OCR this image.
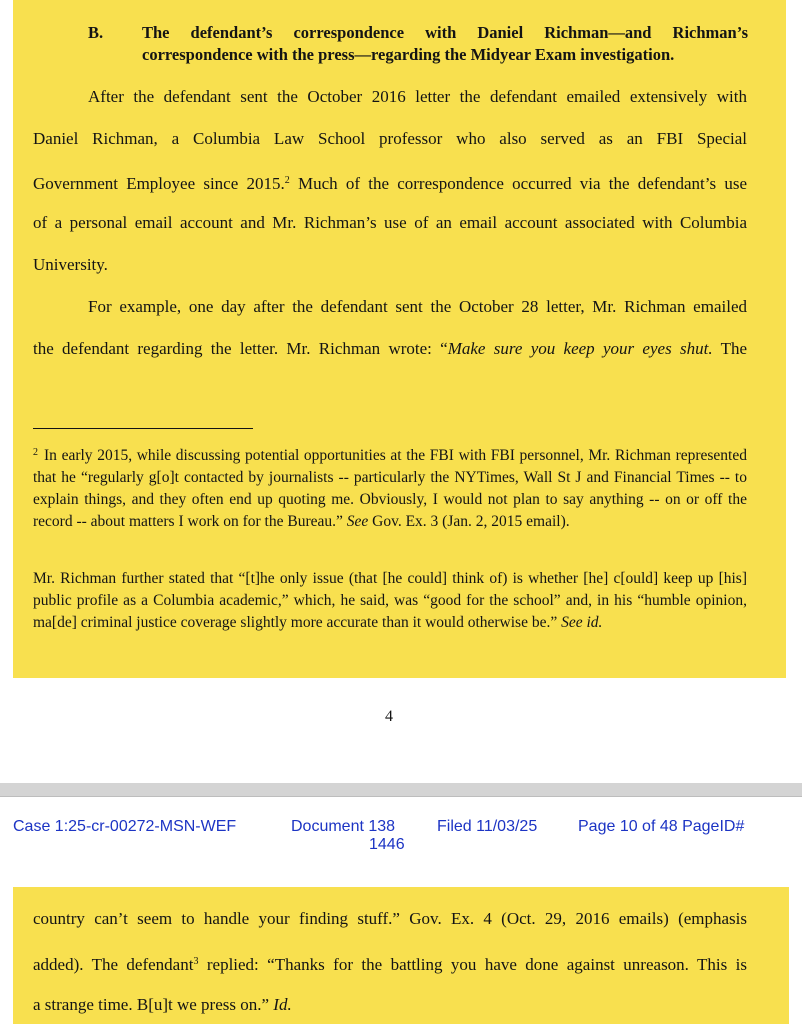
B. The defendant’s correspondence with Daniel Richman—and Richman’s correspondence with the press—regarding the Midyear Exam investigation.
After the defendant sent the October 2016 letter the defendant emailed extensively with
Daniel Richman, a Columbia Law School professor who also served as an FBI Special
Government Employee since 2015.$^2$ Much of the correspondence occurred via the defendant’s use
of a personal email account and Mr. Richman’s use of an email account associated with Columbia
University.
For example, one day after the defendant sent the October 28 letter, Mr. Richman emailed
the defendant regarding the letter. Mr. Richman wrote: “Make sure you keep your eyes shut. The
$^2$ In early 2015, while discussing potential opportunities at the FBI with FBI personnel, Mr. Richman represented that he “regularly g[o]t contacted by journalists -- particularly the NYTimes, Wall St J and Financial Times -- to explain things, and they often end up quoting me. Obviously, I would not plan to say anything -- on or off the record -- about matters I work on for the Bureau.” See Gov. Ex. 3 (Jan. 2, 2015 email).
Mr. Richman further stated that “[t]he only issue (that [he could] think of) is whether [he] c[ould] keep up [his] public profile as a Columbia academic,” which, he said, was “good for the school” and, in his “humble opinion, ma[de] criminal justice coverage slightly more accurate than it would otherwise be.” See id.
4
Case 1:25-cr-00272-MSN-WEF	Document 138
1446
Filed 11/03/25	Page 10 of 48 PageID#
country can’t seem to handle your finding stuff.” Gov. Ex. 4 (Oct. 29, 2016 emails) (emphasis
added). The defendant$^3$ replied: “Thanks for the battling you have done against unreason. This is
a strange time. B[u]t we press on.” Id.
